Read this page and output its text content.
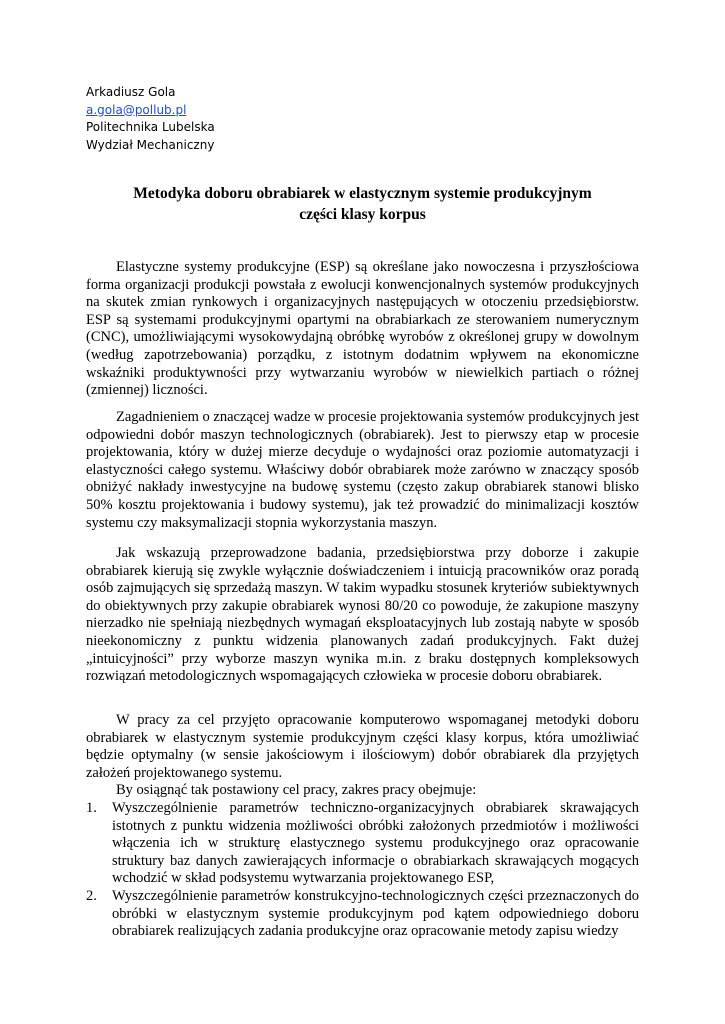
Arkadiusz Gola
a.gola@pollub.pl
Politechnika Lubelska
Wydział Mechaniczny
Metodyka doboru obrabiarek w elastycznym systemie produkcyjnym
części klasy korpus

Elastyczne systemy produkcyjne (ESP) są określane jako nowoczesna i przyszłościowa forma organizacji produkcji powstała z ewolucji konwencjonalnych systemów produkcyjnych na skutek zmian rynkowych i organizacyjnych następujących w otoczeniu przedsiębiorstw. ESP są systemami produkcyjnymi opartymi na obrabiarkach ze sterowaniem numerycznym (CNC), umożliwiającymi wysokowydajną obróbkę wyrobów z określonej grupy w dowolnym (według zapotrzebowania) porządku, z istotnym dodatnim wpływem na ekonomiczne wskaźniki produktywności przy wytwarzaniu wyrobów w niewielkich partiach o różnej (zmiennej) liczności.

Zagadnieniem o znaczącej wadze w procesie projektowania systemów produkcyjnych jest odpowiedni dobór maszyn technologicznych (obrabiarek). Jest to pierwszy etap w procesie projektowania, który w dużej mierze decyduje o wydajności oraz poziomie automatyzacji i elastyczności całego systemu. Właściwy dobór obrabiarek może zarówno w znaczący sposób obniżyć nakłady inwestycyjne na budowę systemu (często zakup obrabiarek stanowi blisko 50% kosztu projektowania i budowy systemu), jak też prowadzić do minimalizacji kosztów systemu czy maksymalizacji stopnia wykorzystania maszyn.

Jak wskazują przeprowadzone badania, przedsiębiorstwa przy doborze i zakupie obrabiarek kierują się zwykle wyłącznie doświadczeniem i intuicją pracowników oraz poradą osób zajmujących się sprzedażą maszyn. W takim wypadku stosunek kryteriów subiektywnych do obiektywnych przy zakupie obrabiarek wynosi 80/20 co powoduje, że zakupione maszyny nierzadko nie spełniają niezbędnych wymagań eksploatacyjnych lub zostają nabyte w sposób nieekonomiczny z punktu widzenia planowanych zadań produkcyjnych. Fakt dużej „intuicyjności” przy wyborze maszyn wynika m.in. z braku dostępnych kompleksowych rozwiązań metodologicznych wspomagających człowieka w procesie doboru obrabiarek.

W pracy za cel przyjęto opracowanie komputerowo wspomaganej metodyki doboru obrabiarek w elastycznym systemie produkcyjnym części klasy korpus, która umożliwiać będzie optymalny (w sensie jakościowym i ilościowym) dobór obrabiarek dla przyjętych założeń projektowanego systemu.

By osiągnąć tak postawiony cel pracy, zakres pracy obejmuje:
1. Wyszczególnienie parametrów techniczno-organizacyjnych obrabiarek skrawających istotnych z punktu widzenia możliwości obróbki założonych przedmiotów i możliwości włączenia ich w strukturę elastycznego systemu produkcyjnego oraz opracowanie struktury baz danych zawierających informacje o obrabiarkach skrawających mogących wchodzić w skład podsystemu wytwarzania projektowanego ESP,
2. Wyszczególnienie parametrów konstrukcyjno-technologicznych części przeznaczonych do obróbki w elastycznym systemie produkcyjnym pod kątem odpowiedniego doboru obrabiarek realizujących zadania produkcyjne oraz opracowanie metody zapisu wiedzy
